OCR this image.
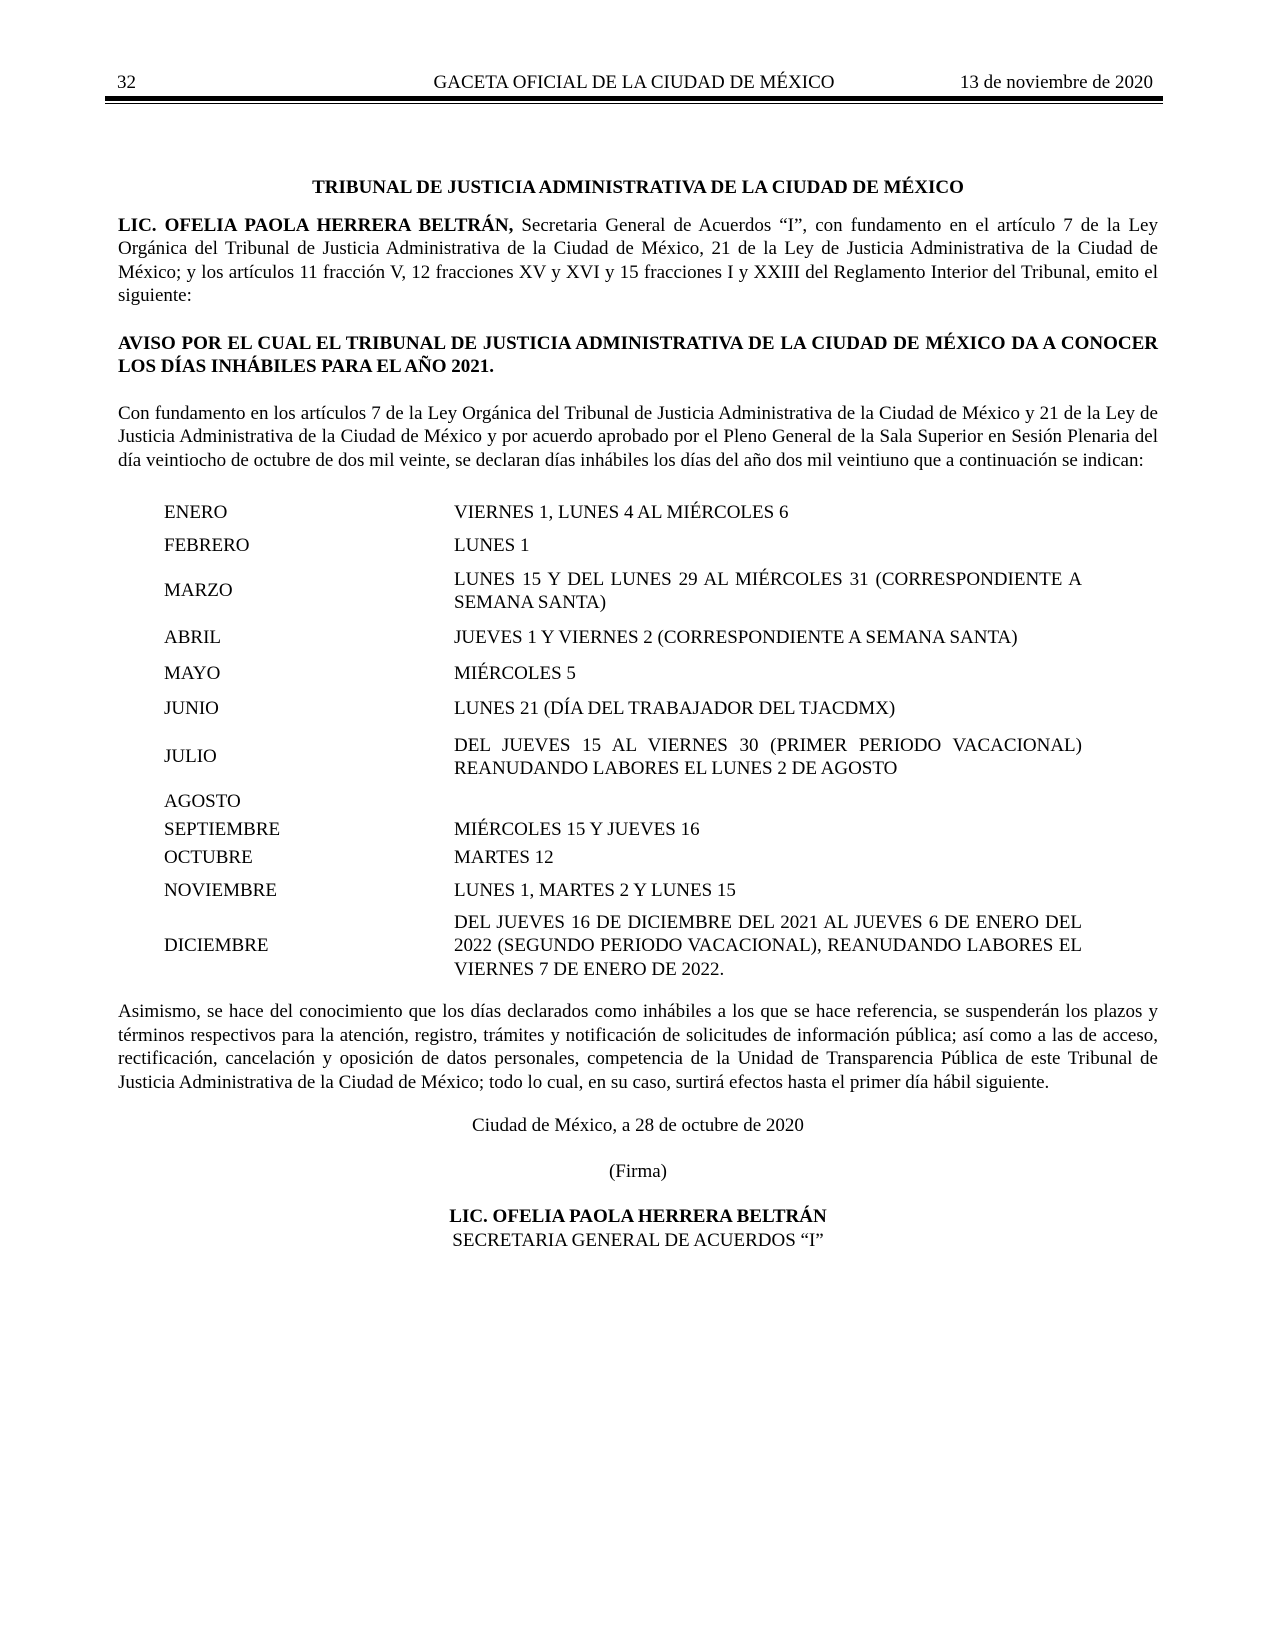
32	GACETA OFICIAL DE LA CIUDAD DE MÉXICO	13 de noviembre de 2020
TRIBUNAL DE JUSTICIA ADMINISTRATIVA DE LA CIUDAD DE MÉXICO

LIC. OFELIA PAOLA HERRERA BELTRÁN, Secretaria General de Acuerdos “I”, con fundamento en el artículo 7 de la Ley Orgánica del Tribunal de Justicia Administrativa de la Ciudad de México, 21 de la Ley de Justicia Administrativa de la Ciudad de México; y los artículos 11 fracción V, 12 fracciones XV y XVI y 15 fracciones I y XXIII del Reglamento Interior del Tribunal, emito el siguiente:

AVISO POR EL CUAL EL TRIBUNAL DE JUSTICIA ADMINISTRATIVA DE LA CIUDAD DE MÉXICO DA A CONOCER LOS DÍAS INHÁBILES PARA EL AÑO 2021.

Con fundamento en los artículos 7 de la Ley Orgánica del Tribunal de Justicia Administrativa de la Ciudad de México y 21 de la Ley de Justicia Administrativa de la Ciudad de México y por acuerdo aprobado por el Pleno General de la Sala Superior en Sesión Plenaria del día veintiocho de octubre de dos mil veinte, se declaran días inhábiles los días del año dos mil veintiuno que a continuación se indican:

ENERO	VIERNES 1, LUNES 4 AL MIÉRCOLES 6
FEBRERO	LUNES 1
MARZO	LUNES 15 Y DEL LUNES 29 AL MIÉRCOLES 31 (CORRESPONDIENTE A SEMANA SANTA)
ABRIL	JUEVES 1 Y VIERNES 2 (CORRESPONDIENTE A SEMANA SANTA)
MAYO	MIÉRCOLES 5
JUNIO	LUNES 21 (DÍA DEL TRABAJADOR DEL TJACDMX)
JULIO	DEL JUEVES 15 AL VIERNES 30 (PRIMER PERIODO VACACIONAL) REANUDANDO LABORES EL LUNES 2 DE AGOSTO
AGOSTO	
SEPTIEMBRE	MIÉRCOLES 15 Y JUEVES 16
OCTUBRE	MARTES 12
NOVIEMBRE	LUNES 1, MARTES 2 Y LUNES 15
DICIEMBRE	DEL JUEVES 16 DE DICIEMBRE DEL 2021 AL JUEVES 6 DE ENERO DEL 2022 (SEGUNDO PERIODO VACACIONAL), REANUDANDO LABORES EL VIERNES 7 DE ENERO DE 2022.

Asimismo, se hace del conocimiento que los días declarados como inhábiles a los que se hace referencia, se suspenderán los plazos y términos respectivos para la atención, registro, trámites y notificación de solicitudes de información pública; así como a las de acceso, rectificación, cancelación y oposición de datos personales, competencia de la Unidad de Transparencia Pública de este Tribunal de Justicia Administrativa de la Ciudad de México; todo lo cual, en su caso, surtirá efectos hasta el primer día hábil siguiente.

Ciudad de México, a 28 de octubre de 2020
(Firma)
LIC. OFELIA PAOLA HERRERA BELTRÁN
SECRETARIA GENERAL DE ACUERDOS “I”
